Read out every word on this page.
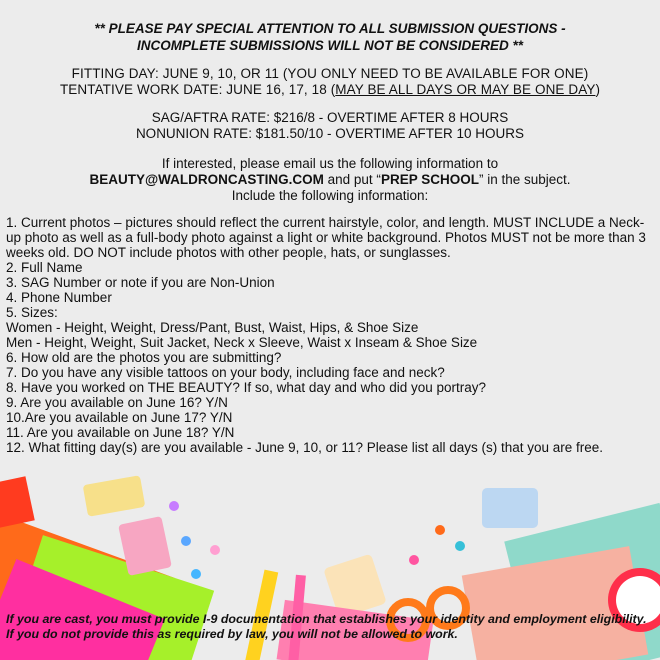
** PLEASE PAY SPECIAL ATTENTION TO ALL SUBMISSION QUESTIONS -
INCOMPLETE SUBMISSIONS WILL NOT BE CONSIDERED **
FITTING DAY: JUNE 9, 10, OR 11 (YOU ONLY NEED TO BE AVAILABLE FOR ONE)
TENTATIVE WORK DATE: JUNE 16, 17, 18 (MAY BE ALL DAYS OR MAY BE ONE DAY)
SAG/AFTRA RATE: $216/8 - OVERTIME AFTER 8 HOURS
NONUNION RATE: $181.50/10 - OVERTIME AFTER 10 HOURS
If interested, please email us the following information to
BEAUTY@WALDRONCASTING.COM and put “PREP SCHOOL” in the subject.
Include the following information:
1. Current photos – pictures should reflect the current hairstyle, color, and length. MUST INCLUDE a Neck-up photo as well as a full-body photo against a light or white background. Photos MUST not be more than 3 weeks old. DO NOT include photos with other people, hats, or sunglasses.
2. Full Name
3. SAG Number or note if you are Non-Union
4. Phone Number
5. Sizes:
Women - Height, Weight, Dress/Pant, Bust, Waist, Hips, & Shoe Size
Men - Height, Weight, Suit Jacket, Neck x Sleeve, Waist x Inseam & Shoe Size
6. How old are the photos you are submitting?
7. Do you have any visible tattoos on your body, including face and neck?
8. Have you worked on THE BEAUTY? If so, what day and who did you portray?
9. Are you available on June 16? Y/N
10.Are you available on June 17? Y/N
11. Are you available on June 18? Y/N
12. What fitting day(s) are you available - June 9, 10, or 11? Please list all days (s) that you are free.
If you are cast, you must provide I-9 documentation that establishes your identity and employment eligibility. If you do not provide this as required by law, you will not be allowed to work.
